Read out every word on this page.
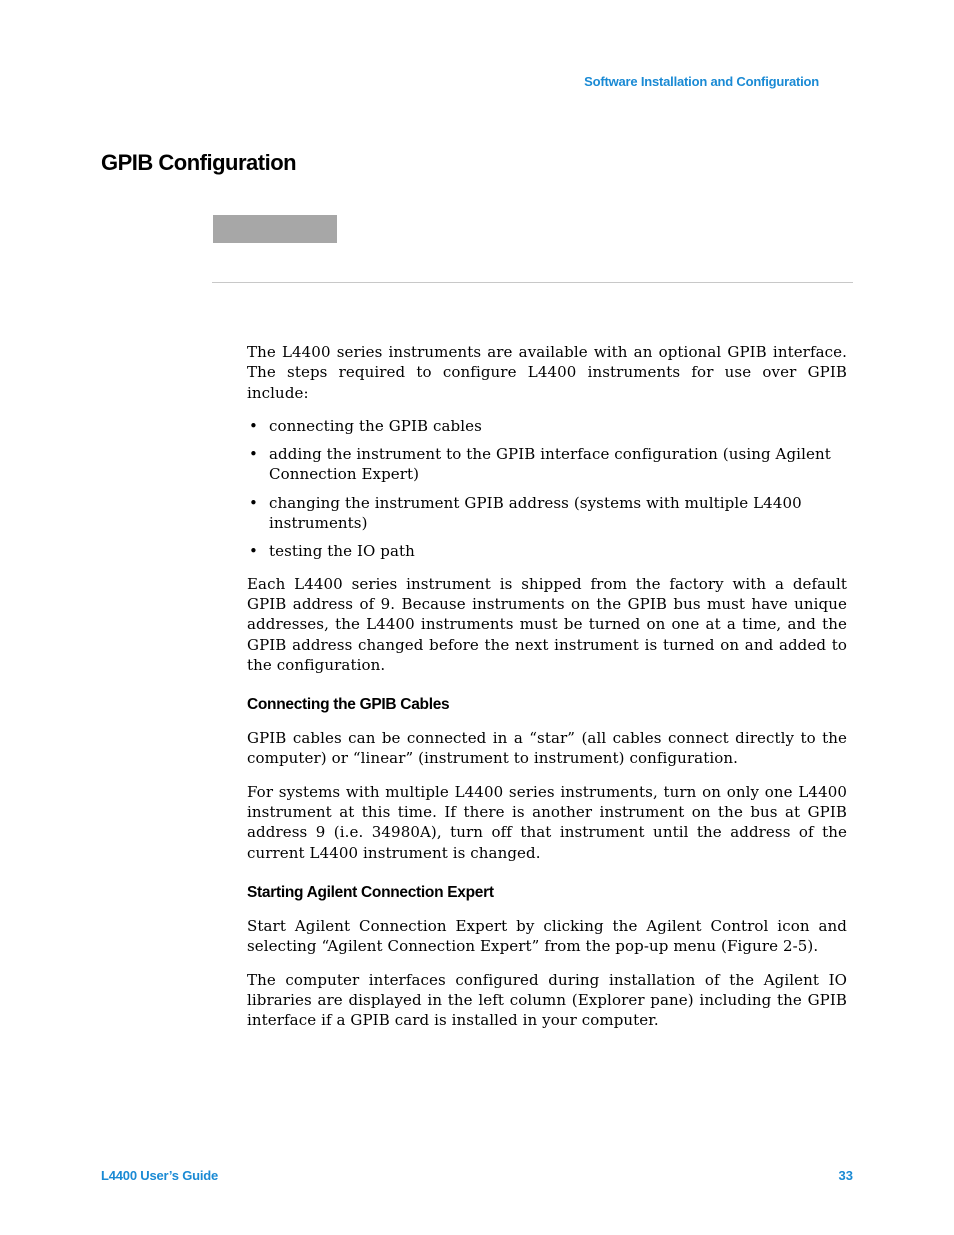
Software Installation and Configuration
GPIB Configuration

The L4400 series instruments are available with an optional GPIB interface. The steps required to configure L4400 instruments for use over GPIB include:

• connecting the GPIB cables
• adding the instrument to the GPIB interface configuration (using Agilent Connection Expert)
• changing the instrument GPIB address (systems with multiple L4400 instruments)
• testing the IO path

Each L4400 series instrument is shipped from the factory with a default GPIB address of 9. Because instruments on the GPIB bus must have unique addresses, the L4400 instruments must be turned on one at a time, and the GPIB address changed before the next instrument is turned on and added to the configuration.

Connecting the GPIB Cables

GPIB cables can be connected in a “star” (all cables connect directly to the computer) or “linear” (instrument to instrument) configuration.

For systems with multiple L4400 series instruments, turn on only one L4400 instrument at this time. If there is another instrument on the bus at GPIB address 9 (i.e. 34980A), turn off that instrument until the address of the current L4400 instrument is changed.

Starting Agilent Connection Expert

Start Agilent Connection Expert by clicking the Agilent Control icon and selecting “Agilent Connection Expert” from the pop-up menu (Figure 2-5).

The computer interfaces configured during installation of the Agilent IO libraries are displayed in the left column (Explorer pane) including the GPIB interface if a GPIB card is installed in your computer.

L4400 User’s Guide	33
